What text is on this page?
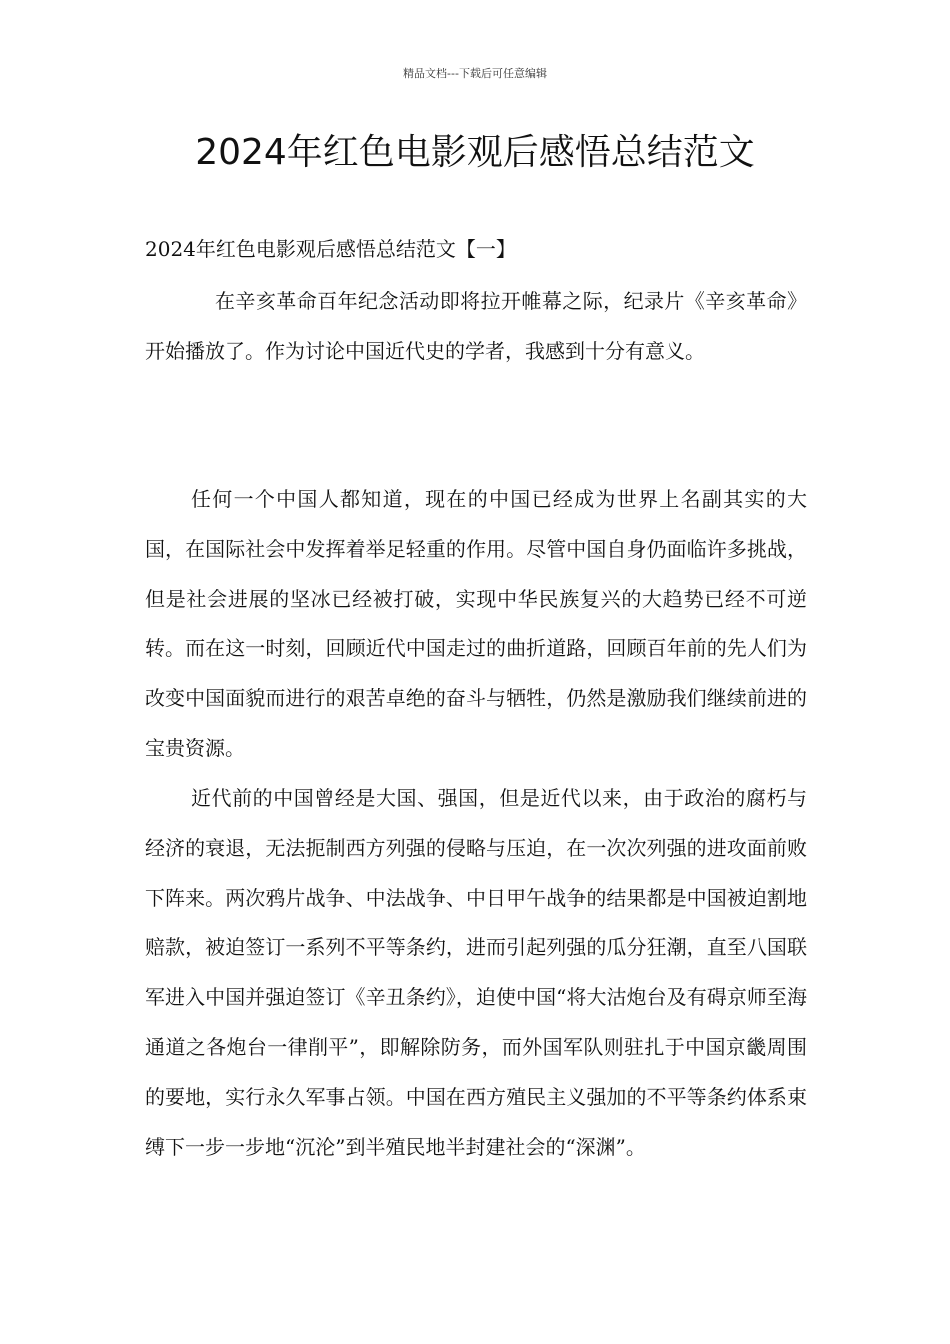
精品文档---下载后可任意编辑
2024年红色电影观后感悟总结范文
2024年红色电影观后感悟总结范文【一】

在辛亥革命百年纪念活动即将拉开帷幕之际，纪录片《辛亥革命》开始播放了。作为讨论中国近代史的学者，我感到十分有意义。

任何一个中国人都知道，现在的中国已经成为世界上名副其实的大国，在国际社会中发挥着举足轻重的作用。尽管中国自身仍面临许多挑战，但是社会进展的坚冰已经被打破，实现中华民族复兴的大趋势已经不可逆转。而在这一时刻，回顾近代中国走过的曲折道路，回顾百年前的先人们为改变中国面貌而进行的艰苦卓绝的奋斗与牺牲，仍然是激励我们继续前进的宝贵资源。

近代前的中国曾经是大国、强国，但是近代以来，由于政治的腐朽与经济的衰退，无法扼制西方列强的侵略与压迫，在一次次列强的进攻面前败下阵来。两次鸦片战争、中法战争、中日甲午战争的结果都是中国被迫割地赔款，被迫签订一系列不平等条约，进而引起列强的瓜分狂潮，直至八国联军进入中国并强迫签订《辛丑条约》，迫使中国“将大沽炮台及有碍京师至海通道之各炮台一律削平”，即解除防务，而外国军队则驻扎于中国京畿周围的要地，实行永久军事占领。中国在西方殖民主义强加的不平等条约体系束缚下一步一步地“沉沦”到半殖民地半封建社会的“深渊”。
